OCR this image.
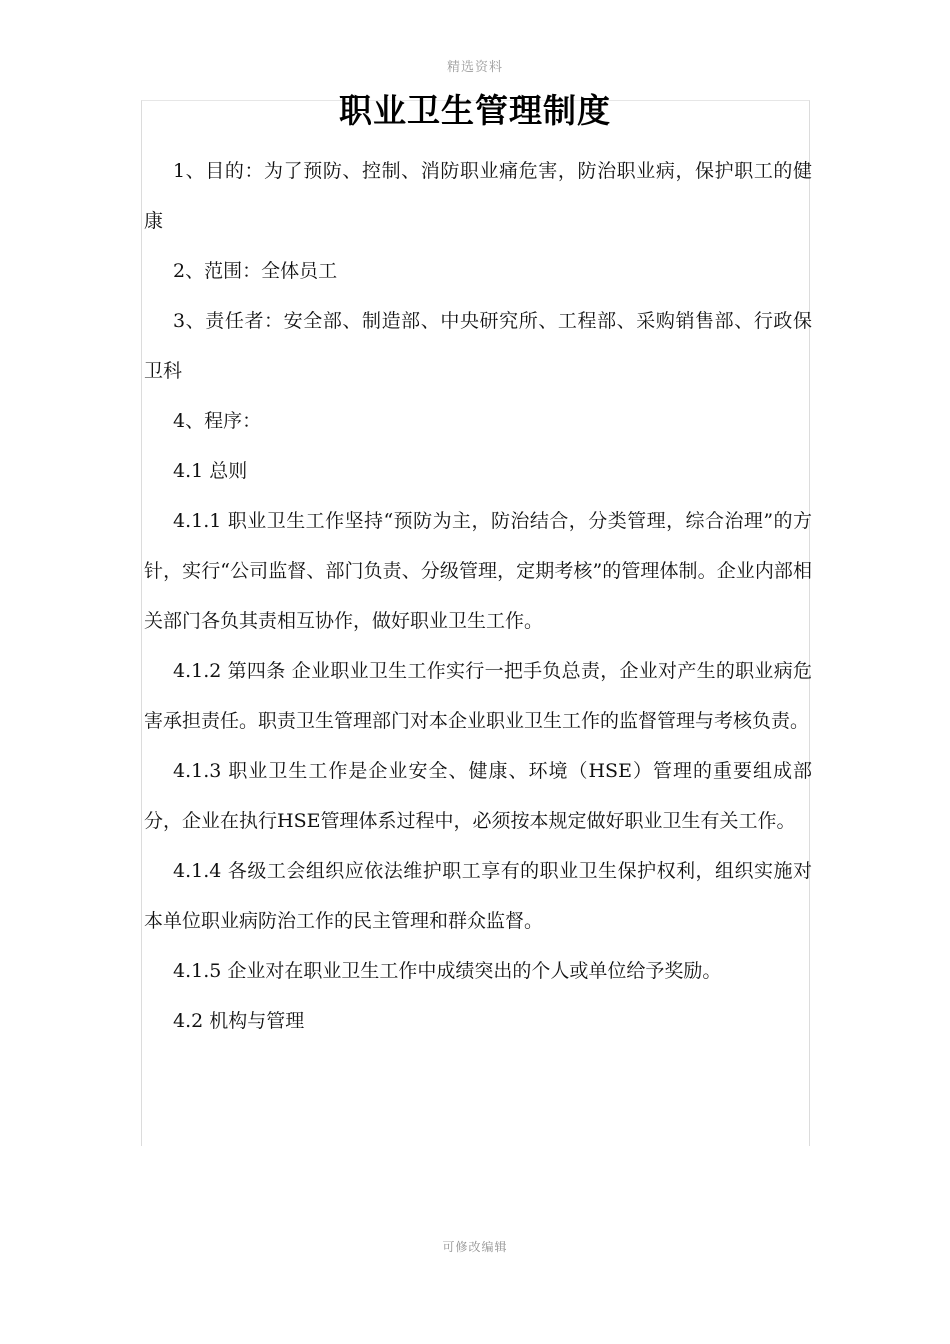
精选资料
职业卫生管理制度

1、目的：为了预防、控制、消防职业痛危害，防治职业病，保护职工的健康

2、范围：全体员工

3、责任者：安全部、制造部、中央研究所、工程部、采购销售部、行政保卫科

4、程序：

4.1 总则

4.1.1 职业卫生工作坚持“预防为主，防治结合，分类管理，综合治理”的方针，实行“公司监督、部门负责、分级管理，定期考核”的管理体制。企业内部相关部门各负其责相互协作，做好职业卫生工作。

4.1.2 第四条 企业职业卫生工作实行一把手负总责，企业对产生的职业病危害承担责任。职责卫生管理部门对本企业职业卫生工作的监督管理与考核负责。

4.1.3 职业卫生工作是企业安全、健康、环境（HSE）管理的重要组成部分，企业在执行HSE管理体系过程中，必须按本规定做好职业卫生有关工作。

4.1.4 各级工会组织应依法维护职工享有的职业卫生保护权利，组织实施对本单位职业病防治工作的民主管理和群众监督。

4.1.5 企业对在职业卫生工作中成绩突出的个人或单位给予奖励。

4.2 机构与管理

可修改编辑
